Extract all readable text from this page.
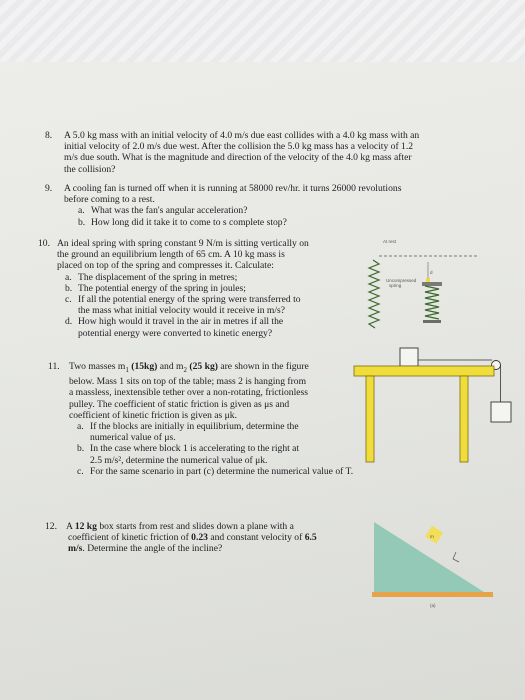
8. A 5.0 kg mass with an initial velocity of 4.0 m/s due east collides with a 4.0 kg mass with an
initial velocity of 2.0 m/s due west. After the collision the 5.0 kg mass has a velocity of 1.2
m/s due south. What is the magnitude and direction of the velocity of the 4.0 kg mass after
the collision?
9. A cooling fan is turned off when it is running at 58000 rev/hr. it turns 26000 revolutions
before coming to a rest.
a. What was the fan's angular acceleration?
b. How long did it take it to come to s complete stop?
10. An ideal spring with spring constant 9 N/m is sitting vertically on
the ground an equilibrium length of 65 cm. A 10 kg mass is
placed on top of the spring and compresses it. Calculate:
a. The displacement of the spring in metres;
b. The potential energy of the spring in joules;
c. If all the potential energy of the spring were transferred to
the mass what initial velocity would it receive in m/s?
d. How high would it travel in the air in metres if all the
potential energy were converted to kinetic energy?
At rest
Uncompressed
spring
d
11. Two masses $m_1$ (15kg) and $m_2$ (25 kg) are shown in the figure
below. Mass 1 sits on top of the table; mass 2 is hanging from
a massless, inextensible tether over a non-rotating, frictionless
pulley. The coefficient of static friction is given as μs and
coefficient of kinetic friction is given as μk.
a. If the blocks are initially in equilibrium, determine the
numerical value of μs.
b. In the case where block 1 is accelerating to the right at
2.5 m/s², determine the numerical value of μk.
c. For the same scenario in part (c) determine the numerical value of T.
12. A 12 kg box starts from rest and slides down a plane with a
coefficient of kinetic friction of 0.23 and constant velocity of 6.5
m/s. Determine the angle of the incline?
m
(a)
